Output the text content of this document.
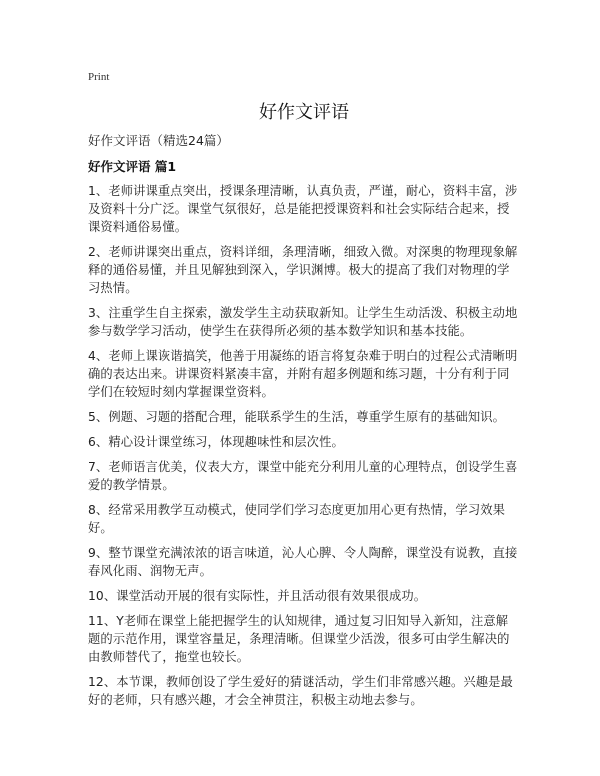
Print
好作文评语
好作文评语（精选24篇）
好作文评语 篇1

1、老师讲课重点突出，授课条理清晰，认真负责，严谨，耐心，资料丰富，涉及资料十分广泛。课堂气氛很好，总是能把授课资料和社会实际结合起来，授课资料通俗易懂。

2、老师讲课突出重点，资料详细，条理清晰，细致入微。对深奥的物理现象解释的通俗易懂，并且见解独到深入，学识渊博。极大的提高了我们对物理的学习热情。

3、注重学生自主探索，激发学生主动获取新知。让学生生动活泼、积极主动地参与数学学习活动，使学生在获得所必须的基本数学知识和基本技能。

4、老师上课诙谐搞笑，他善于用凝练的语言将复杂难于明白的过程公式清晰明确的表达出来。讲课资料紧凑丰富，并附有超多例题和练习题，十分有利于同学们在较短时刻内掌握课堂资料。

5、例题、习题的搭配合理，能联系学生的生活，尊重学生原有的基础知识。

6、精心设计课堂练习，体现趣味性和层次性。

7、老师语言优美，仪表大方，课堂中能充分利用儿童的心理特点，创设学生喜爱的教学情景。

8、经常采用教学互动模式，使同学们学习态度更加用心更有热情，学习效果好。

9、整节课堂充满浓浓的语言味道，沁人心脾、令人陶醉，课堂没有说教，直接春风化雨、润物无声。

10、课堂活动开展的很有实际性，并且活动很有效果很成功。

11、Y老师在课堂上能把握学生的认知规律，通过复习旧知导入新知，注意解题的示范作用，课堂容量足，条理清晰。但课堂少活泼，很多可由学生解决的由教师替代了，拖堂也较长。

12、本节课，教师创设了学生爱好的猜谜活动，学生们非常感兴趣。兴趣是最好的老师，只有感兴趣，才会全神贯注，积极主动地去参与。
